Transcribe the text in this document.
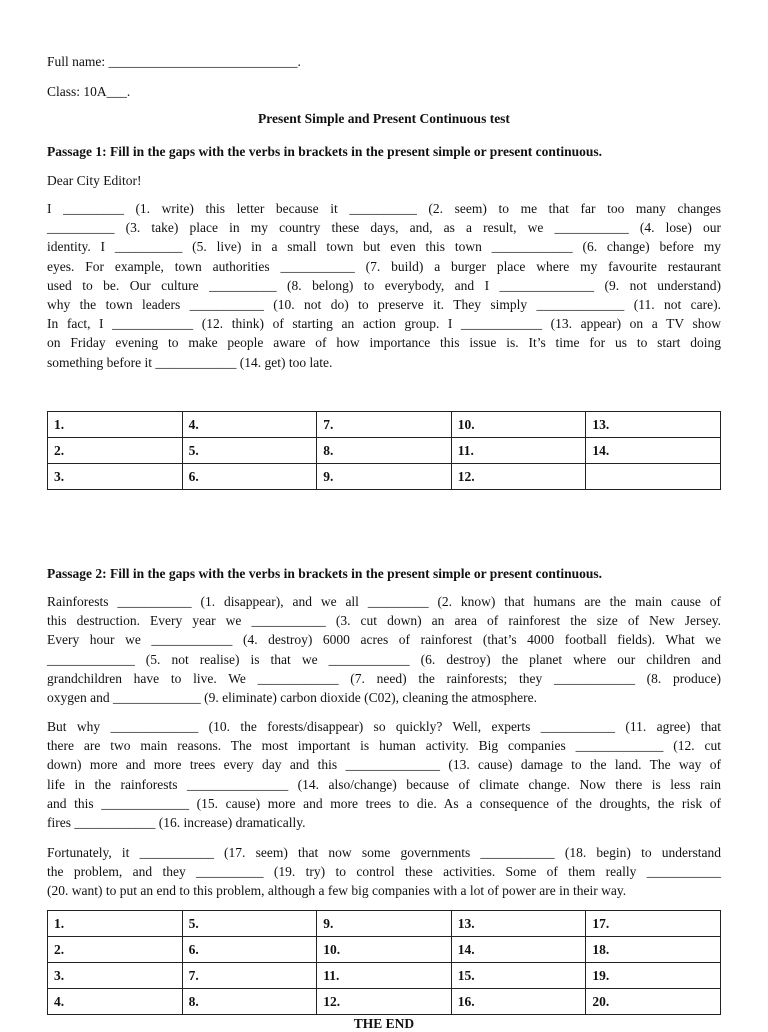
Full name: ____________________________.
Class: 10A___.
Present Simple and Present Continuous test
Passage 1: Fill in the gaps with the verbs in brackets in the present simple or present continuous.
Dear City Editor!
I _________ (1. write) this letter because it __________ (2. seem) to me that far too many changes
__________ (3. take) place in my country these days, and, as a result, we ___________ (4. lose) our
identity. I __________ (5. live) in a small town but even this town ____________ (6. change) before my
eyes. For example, town authorities ___________ (7. build) a burger place where my favourite restaurant
used to be. Our culture __________ (8. belong) to everybody, and I ______________ (9. not understand)
why the town leaders ___________ (10. not do) to preserve it. They simply _____________ (11. not care).
In fact, I ____________ (12. think) of starting an action group. I ____________ (13. appear) on a TV show
on Friday evening to make people aware of how importance this issue is. It’s time for us to start doing
something before it ____________ (14. get) too late.
1.	4.	7.	10.	13.
2.	5.	8.	11.	14.
3.	6.	9.	12.	
Passage 2: Fill in the gaps with the verbs in brackets in the present simple or present continuous.
Rainforests ___________ (1. disappear), and we all _________ (2. know) that humans are the main cause of
this destruction. Every year we ___________ (3. cut down) an area of rainforest the size of New Jersey.
Every hour we ____________ (4. destroy) 6000 acres of rainforest (that’s 4000 football fields). What we
_____________ (5. not realise) is that we ____________ (6. destroy) the planet where our children and
grandchildren have to live. We ____________ (7. need) the rainforests; they ____________ (8. produce)
oxygen and _____________ (9. eliminate) carbon dioxide (C02), cleaning the atmosphere.
But why _____________ (10. the forests/disappear) so quickly? Well, experts ___________ (11. agree) that
there are two main reasons. The most important is human activity. Big companies _____________ (12. cut
down) more and more trees every day and this ______________ (13. cause) damage to the land. The way of
life in the rainforests _______________ (14. also/change) because of climate change. Now there is less rain
and this _____________ (15. cause) more and more trees to die. As a consequence of the droughts, the risk of
fires ____________ (16. increase) dramatically.
Fortunately, it ___________ (17. seem) that now some governments ___________ (18. begin) to understand
the problem, and they __________ (19. try) to control these activities. Some of them really ___________
(20. want) to put an end to this problem, although a few big companies with a lot of power are in their way.
1.	5.	9.	13.	17.
2.	6.	10.	14.	18.
3.	7.	11.	15.	19.
4.	8.	12.	16.	20.
THE END
